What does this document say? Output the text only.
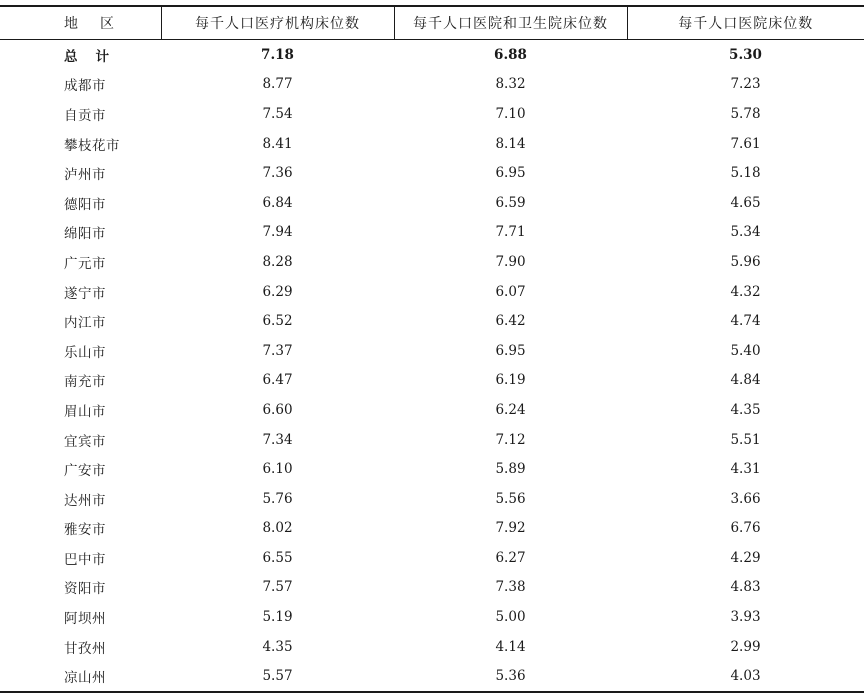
地 区	每千人口医疗机构床位数	每千人口医院和卫生院床位数	每千人口医院床位数
总 计	7.18	6.88	5.30
成都市	8.77	8.32	7.23
自贡市	7.54	7.10	5.78
攀枝花市	8.41	8.14	7.61
泸州市	7.36	6.95	5.18
德阳市	6.84	6.59	4.65
绵阳市	7.94	7.71	5.34
广元市	8.28	7.90	5.96
遂宁市	6.29	6.07	4.32
内江市	6.52	6.42	4.74
乐山市	7.37	6.95	5.40
南充市	6.47	6.19	4.84
眉山市	6.60	6.24	4.35
宜宾市	7.34	7.12	5.51
广安市	6.10	5.89	4.31
达州市	5.76	5.56	3.66
雅安市	8.02	7.92	6.76
巴中市	6.55	6.27	4.29
资阳市	7.57	7.38	4.83
阿坝州	5.19	5.00	3.93
甘孜州	4.35	4.14	2.99
凉山州	5.57	5.36	4.03
